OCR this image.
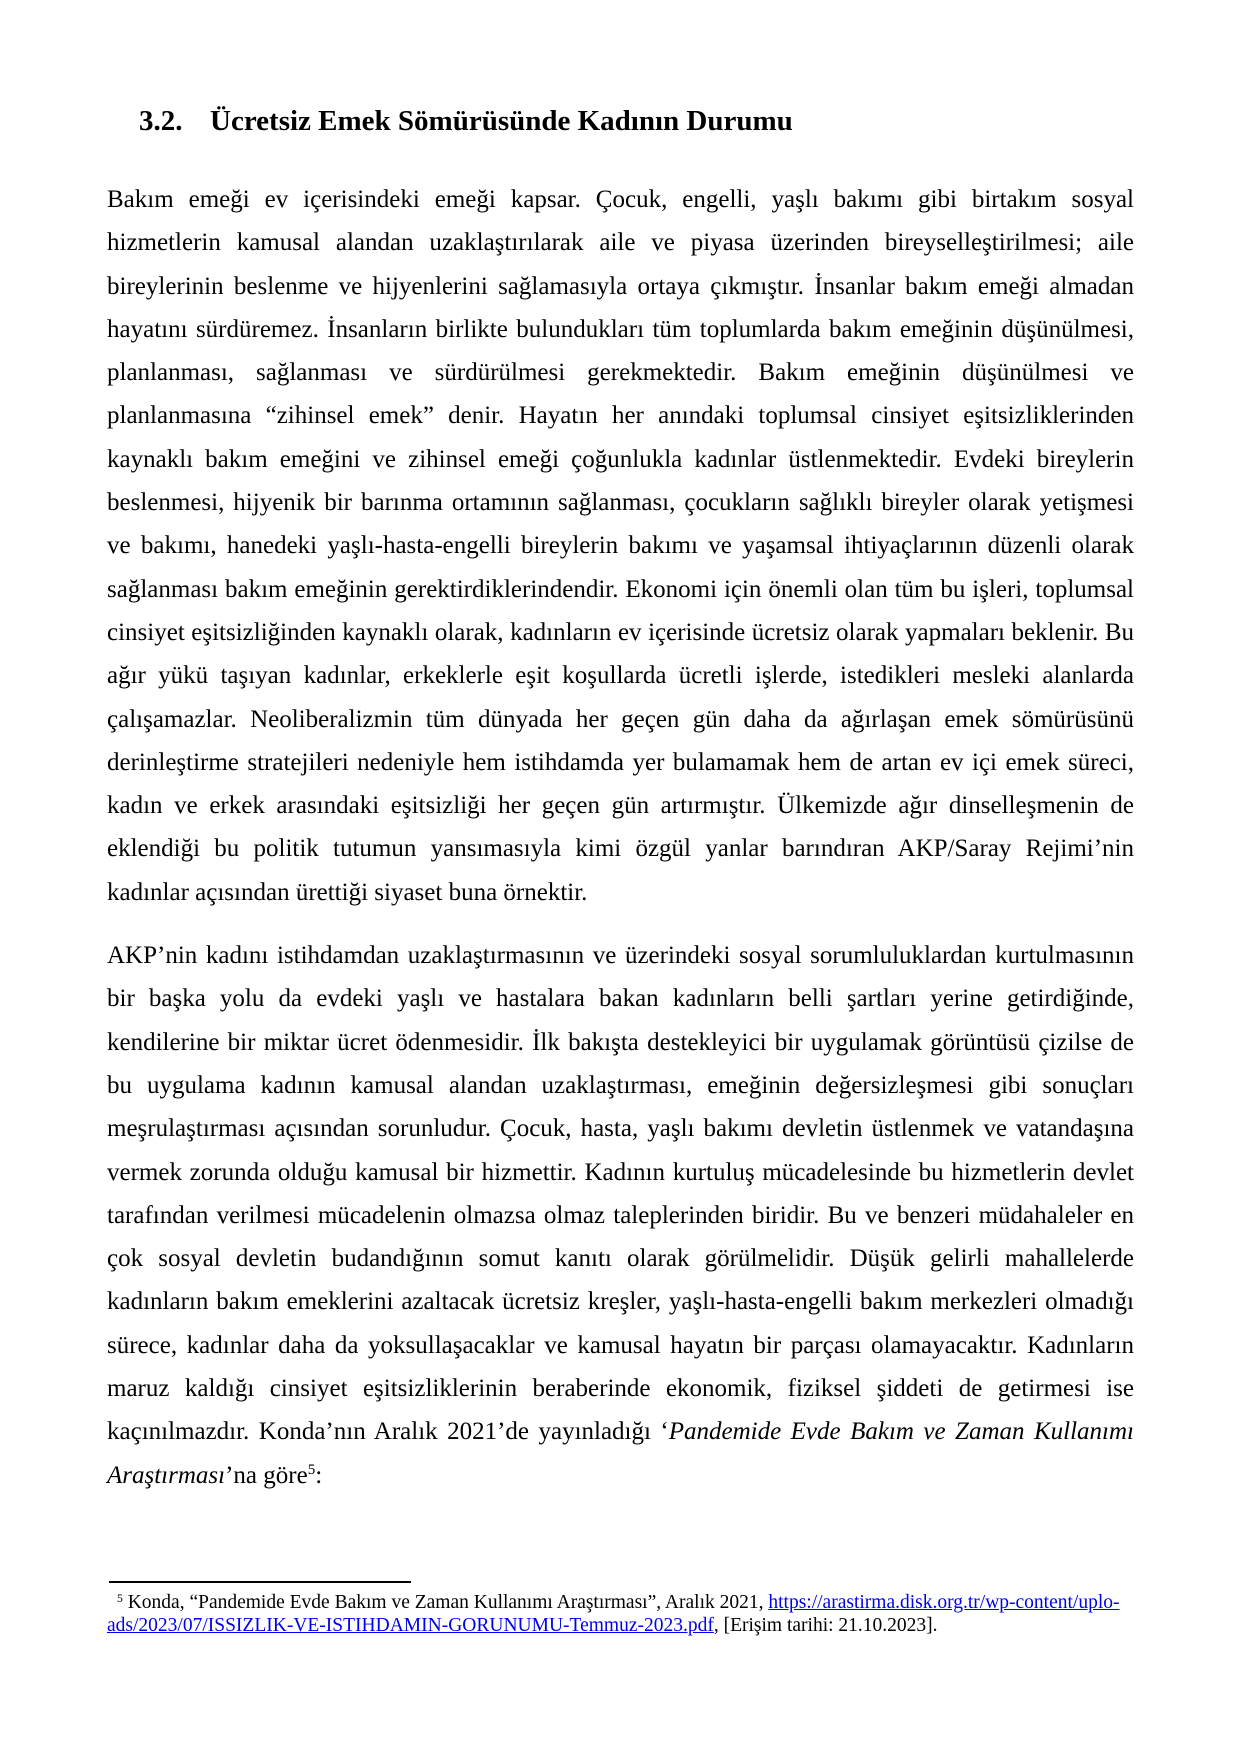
3.2. Ücretsiz Emek Sömürüsünde Kadının Durumu

Bakım emeği ev içerisindeki emeği kapsar. Çocuk, engelli, yaşlı bakımı gibi birtakım sosyal hizmetlerin kamusal alandan uzaklaştırılarak aile ve piyasa üzerinden bireyselleştirilmesi; aile bireylerinin beslenme ve hijyenlerini sağlamasıyla ortaya çıkmıştır. İnsanlar bakım emeği almadan hayatını sürdüremez. İnsanların birlikte bulundukları tüm toplumlarda bakım emeğinin düşünülmesi, planlanması, sağlanması ve sürdürülmesi gerekmektedir. Bakım emeğinin düşünülmesi ve planlanmasına “zihinsel emek” denir. Hayatın her anındaki toplumsal cinsiyet eşitsizliklerinden kaynaklı bakım emeğini ve zihinsel emeği çoğunlukla kadınlar üstlenmektedir. Evdeki bireylerin beslenmesi, hijyenik bir barınma ortamının sağlanması, çocukların sağlıklı bireyler olarak yetişmesi ve bakımı, hanedeki yaşlı-hasta-engelli bireylerin bakımı ve yaşamsal ihtiyaçlarının düzenli olarak sağlanması bakım emeğinin gerektirdiklerindendir. Ekonomi için önemli olan tüm bu işleri, toplumsal cinsiyet eşitsizliğinden kaynaklı olarak, kadınların ev içerisinde ücretsiz olarak yapmaları beklenir. Bu ağır yükü taşıyan kadınlar, erkeklerle eşit koşullarda ücretli işlerde, istedikleri mesleki alanlarda çalışamazlar. Neoliberalizmin tüm dünyada her geçen gün daha da ağırlaşan emek sömürüsünü derinleştirme stratejileri nedeniyle hem istihdamda yer bulamamak hem de artan ev içi emek süreci, kadın ve erkek arasındaki eşitsizliği her geçen gün artırmıştır. Ülkemizde ağır dinselleşmenin de eklendiği bu politik tutumun yansımasıyla kimi özgül yanlar barındıran AKP/​Saray Rejimi’nin kadınlar açısından ürettiği siyaset buna örnektir.

AKP’nin kadını istihdamdan uzaklaştırmasının ve üzerindeki sosyal sorumluluklardan kurtulmasının bir başka yolu da evdeki yaşlı ve hastalara bakan kadınların belli şartları yerine getirdiğinde, kendilerine bir miktar ücret ödenmesidir. İlk bakışta destekleyici bir uygulamak görüntüsü çizilse de bu uygulama kadının kamusal alandan uzaklaştırması, emeğinin değersizleşmesi gibi sonuçları meşrulaştırması açısından sorunludur. Çocuk, hasta, yaşlı bakımı devletin üstlenmek ve vatandaşına vermek zorunda olduğu kamusal bir hizmettir. Kadının kurtuluş mücadelesinde bu hizmetlerin devlet tarafından verilmesi mücadelenin olmazsa olmaz taleplerinden biridir. Bu ve benzeri müdahaleler en çok sosyal devletin budandığının somut kanıtı olarak görülmelidir. Düşük gelirli mahallelerde kadınların bakım emeklerini azaltacak ücretsiz kreşler, yaşlı-hasta-engelli bakım merkezleri olmadığı sürece, kadınlar daha da yoksullaşacaklar ve kamusal hayatın bir parçası olamayacaktır. Kadınların maruz kaldığı cinsiyet eşitsizliklerinin beraberinde ekonomik, fiziksel şiddeti de getirmesi ise kaçınılmazdır. Konda’nın Aralık 2021’de yayınladığı ‘Pandemide Evde Bakım ve Zaman Kullanımı Araştırması’na göre$^5$:

$^5$ Konda, “Pandemide Evde Bakım ve Zaman Kullanımı Araştırması”, Aralık 2021, https://arastirma.disk.org.tr/wp-content/uplo-
ads/2023/07/ISSIZLIK-VE-ISTIHDAMIN-GORUNUMU-Temmuz-2023.pdf, [Erişim tarihi: 21.10.2023].
